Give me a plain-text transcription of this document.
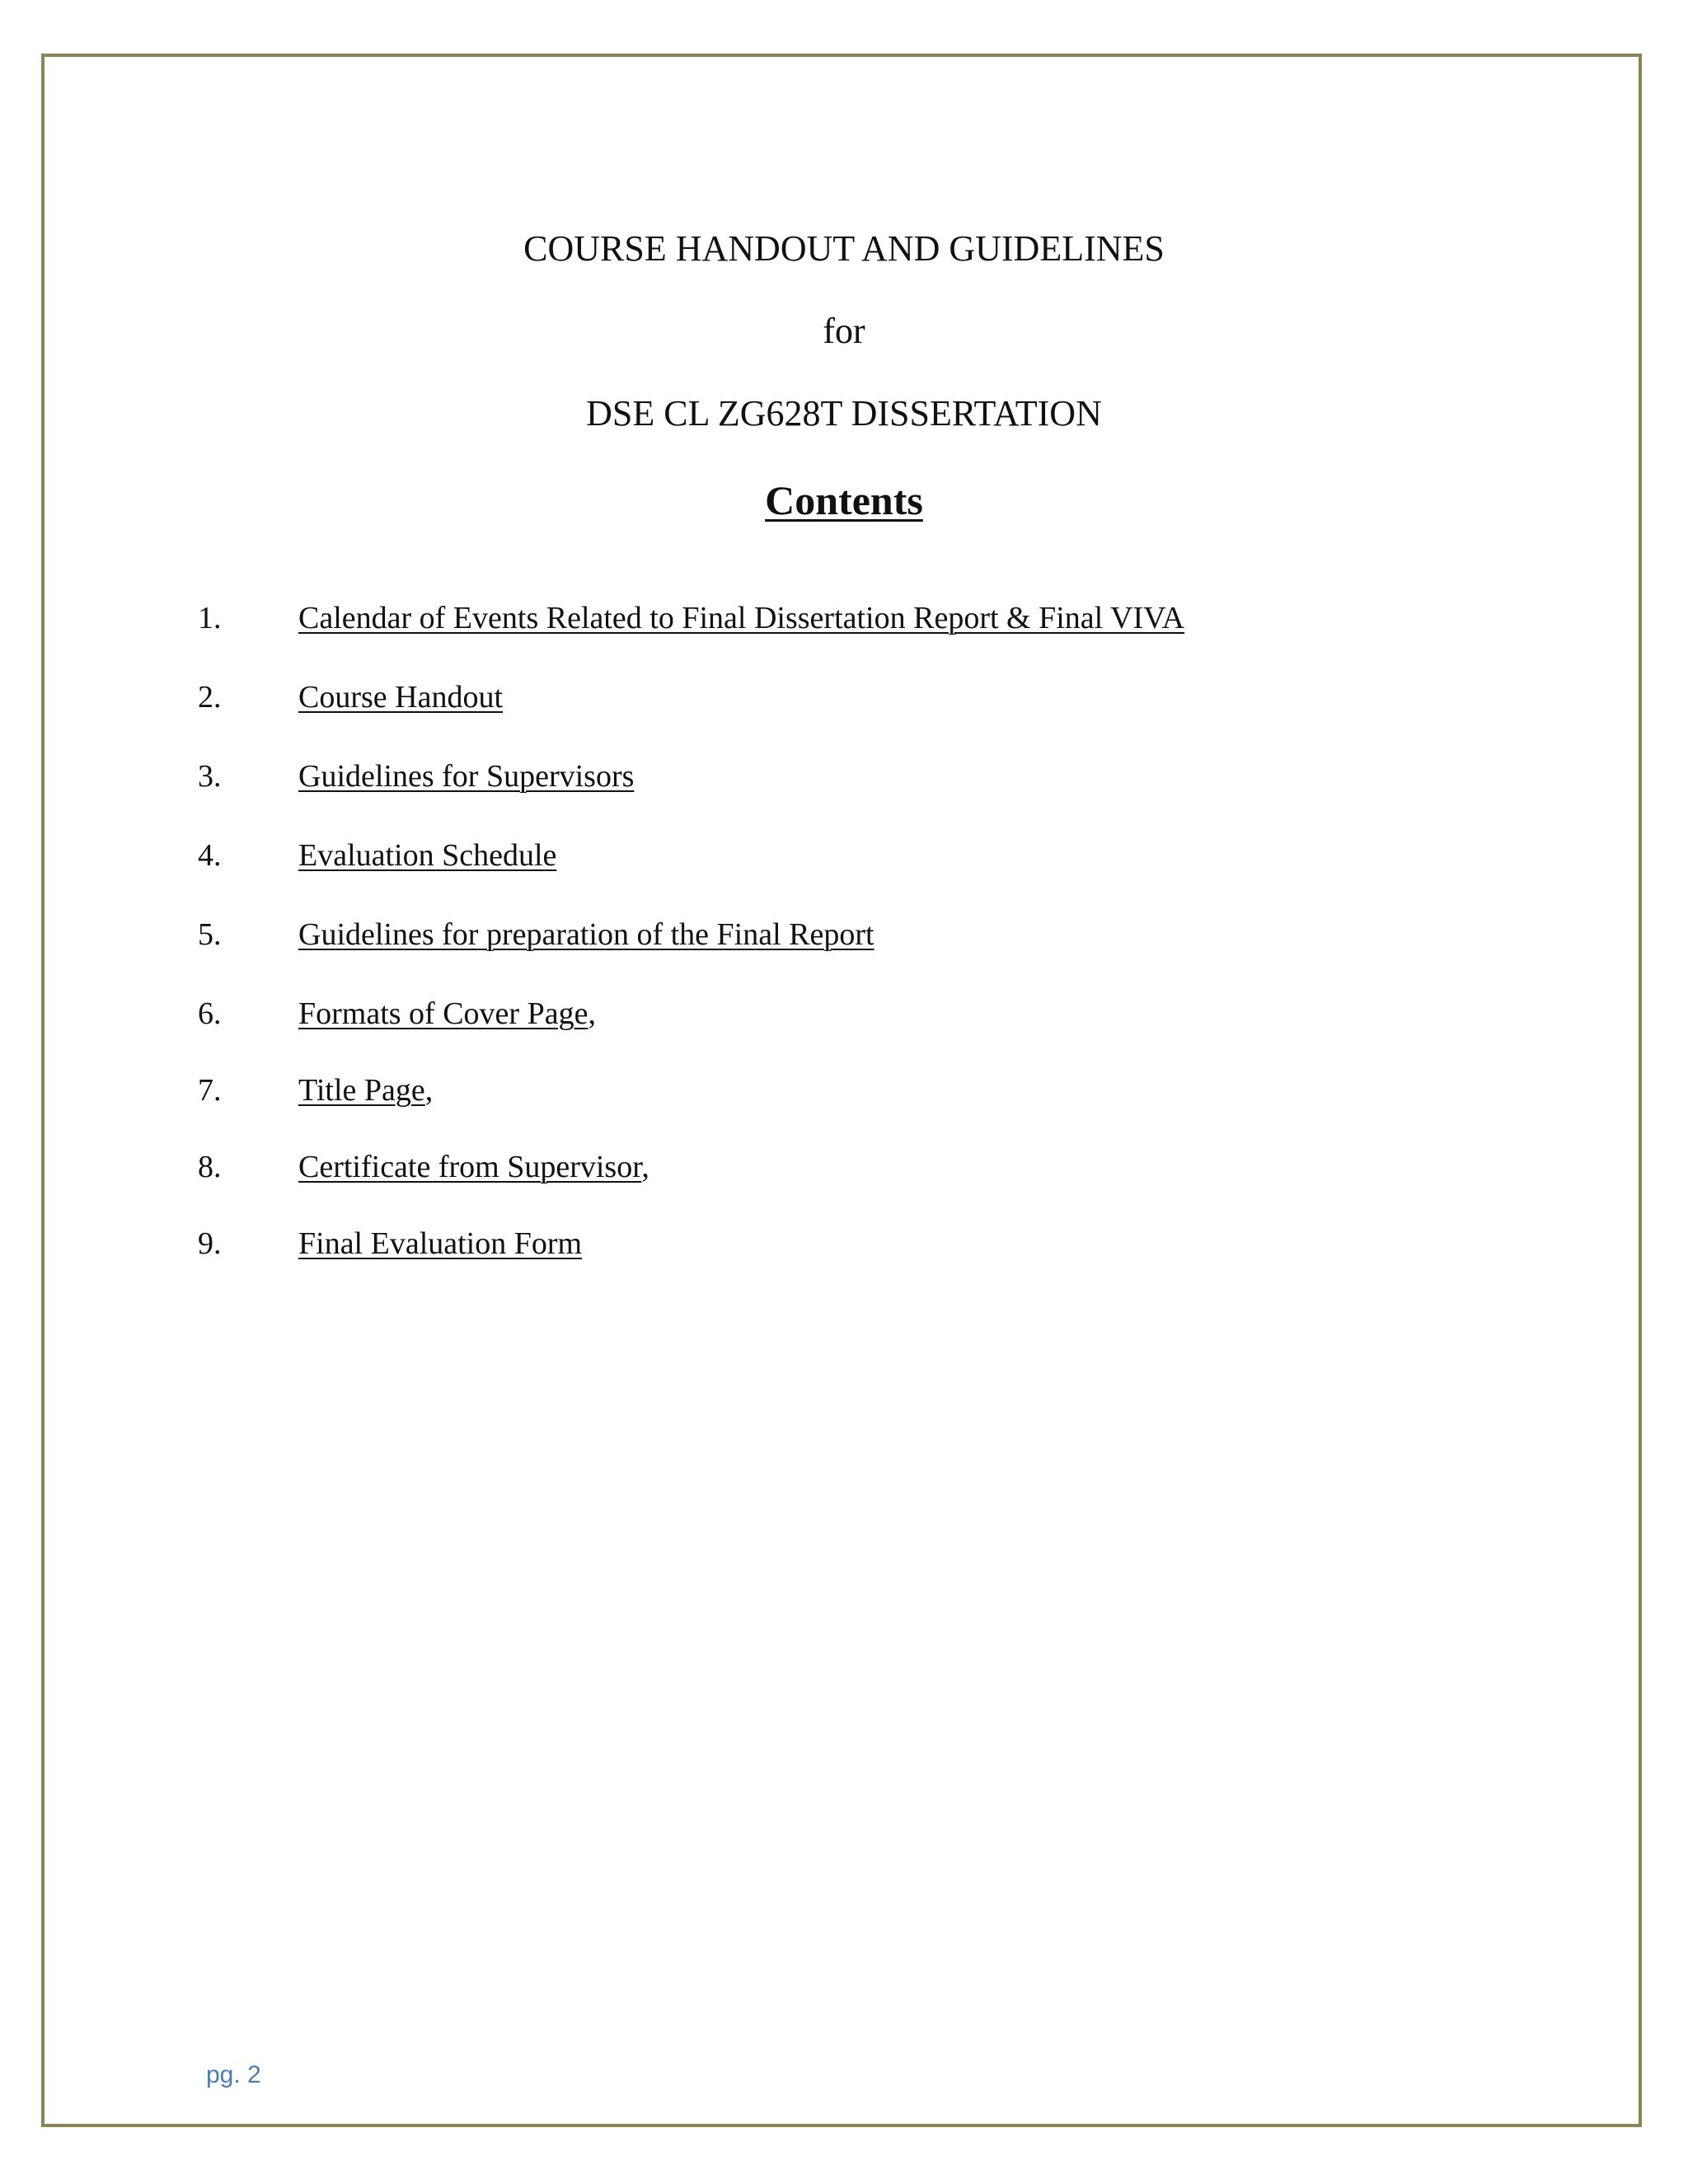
COURSE HANDOUT AND GUIDELINES
for
DSE CL ZG628T DISSERTATION
Contents
1.	Calendar of Events Related to Final Dissertation Report & Final VIVA
2.	Course Handout
3.	Guidelines for Supervisors
4.	Evaluation Schedule
5.	Guidelines for preparation of the Final Report
6.	Formats of Cover Page,
7.	Title Page,
8.	Certificate from Supervisor,
9.	Final Evaluation Form
pg. 2
